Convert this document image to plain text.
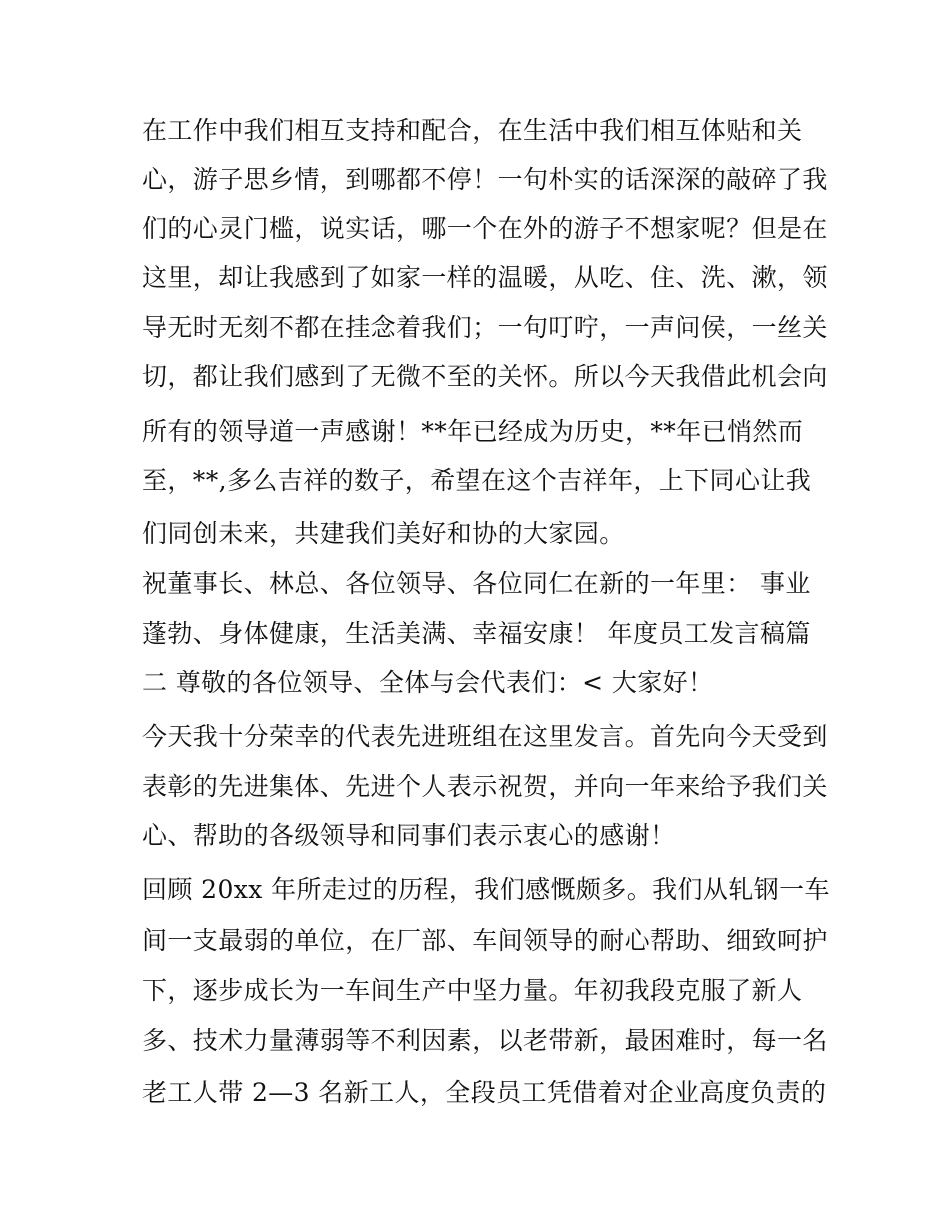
在工作中我们相互支持和配合，在生活中我们相互体贴和关
心，游子思乡情，到哪都不停！一句朴实的话深深的敲碎了我
们的心灵门槛，说实话，哪一个在外的游子不想家呢？但是在
这里，却让我感到了如家一样的温暖，从吃、住、洗、漱，领
导无时无刻不都在挂念着我们；一句叮咛，一声问侯，一丝关
切，都让我们感到了无微不至的关怀。所以今天我借此机会向
所有的领导道一声感谢！**年已经成为历史，**年已悄然而
至，**,多么吉祥的数子，希望在这个吉祥年，上下同心让我
们同创未来，共建我们美好和协的大家园。
祝董事长、林总、各位领导、各位同仁在新的一年里： 事业
蓬勃、身体健康，生活美满、幸福安康！ 年度员工发言稿篇
二 尊敬的各位领导、全体与会代表们：< 大家好！
今天我十分荣幸的代表先进班组在这里发言。首先向今天受到
表彰的先进集体、先进个人表示祝贺，并向一年来给予我们关
心、帮助的各级领导和同事们表示衷心的感谢！
回顾 20xx 年所走过的历程，我们感慨颇多。我们从轧钢一车
间一支最弱的单位，在厂部、车间领导的耐心帮助、细致呵护
下，逐步成长为一车间生产中坚力量。年初我段克服了新人
多、技术力量薄弱等不利因素，以老带新，最困难时，每一名
老工人带 2—3 名新工人，全段员工凭借着对企业高度负责的
